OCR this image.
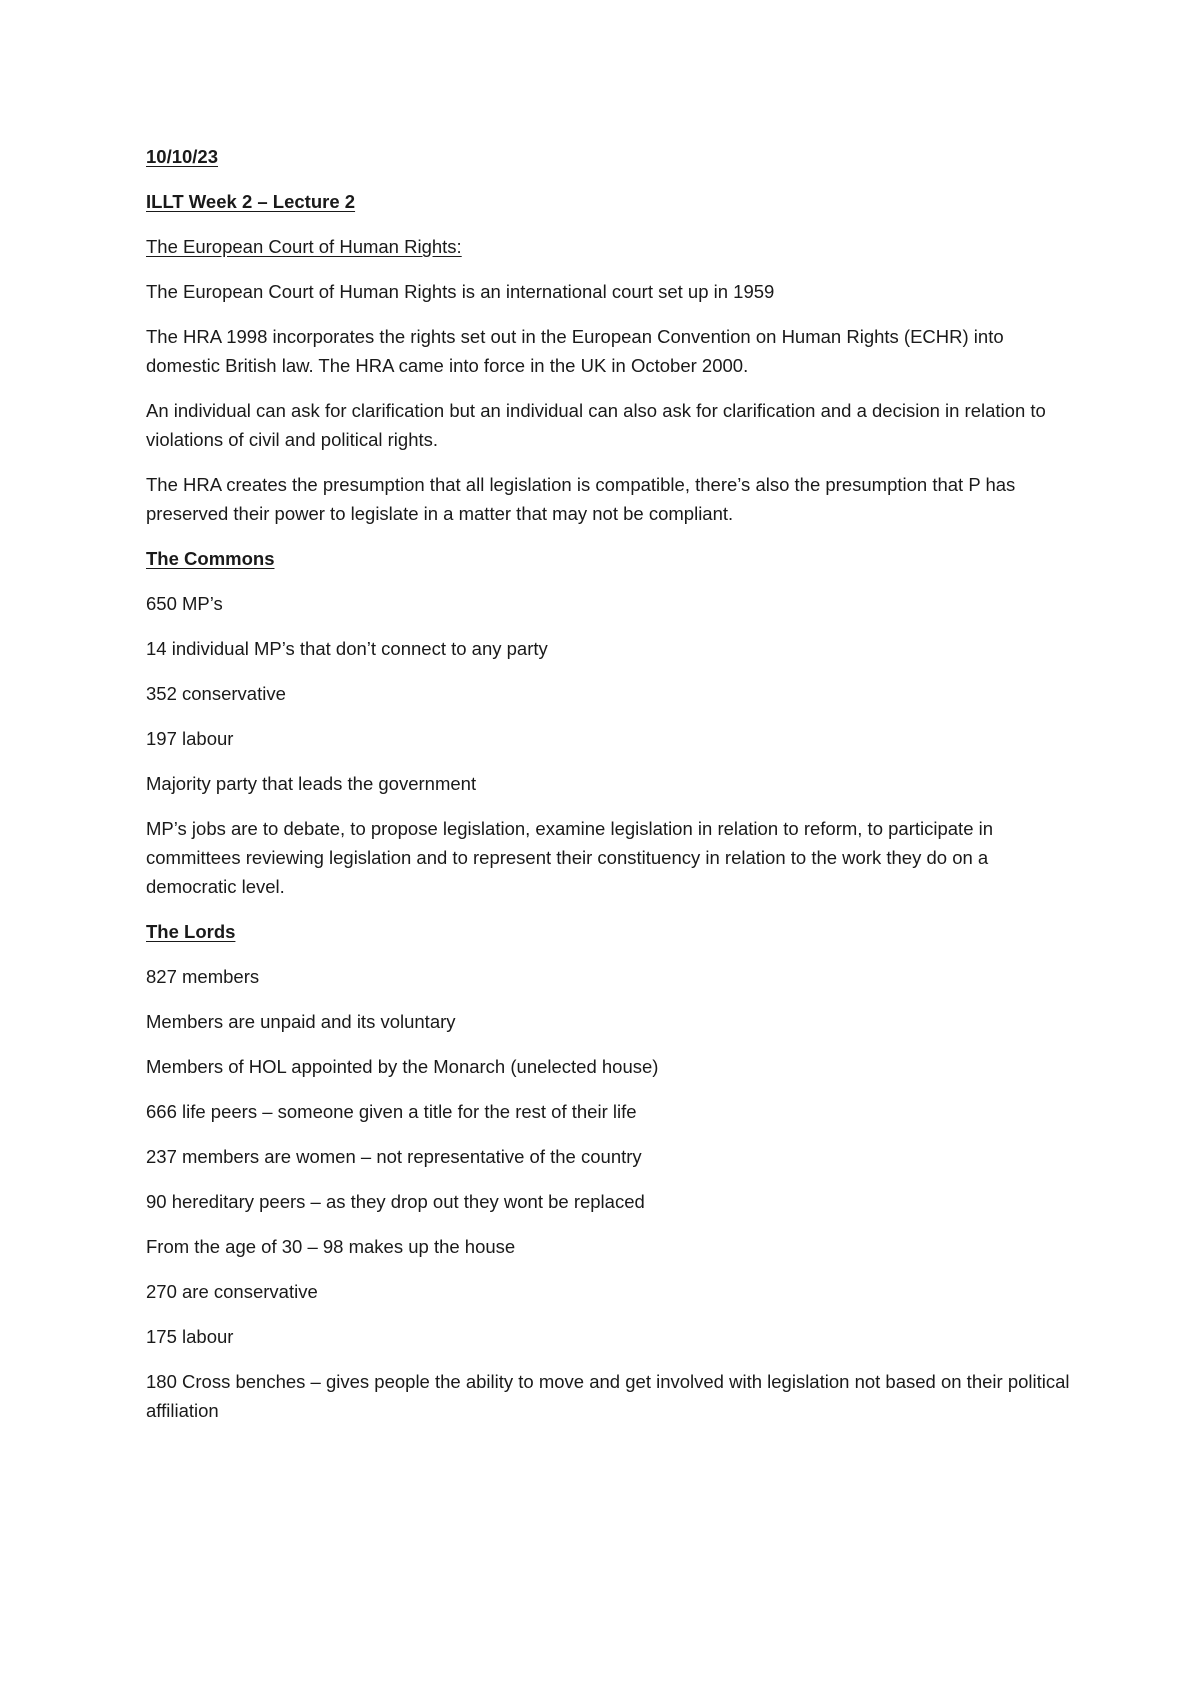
10/10/23

ILLT Week 2 – Lecture 2

The European Court of Human Rights:

The European Court of Human Rights is an international court set up in 1959

The HRA 1998 incorporates the rights set out in the European Convention on Human Rights (ECHR) into domestic British law. The HRA came into force in the UK in October 2000.

An individual can ask for clarification but an individual can also ask for clarification and a decision in relation to violations of civil and political rights.

The HRA creates the presumption that all legislation is compatible, there’s also the presumption that P has preserved their power to legislate in a matter that may not be compliant.

The Commons

650 MP’s

14 individual MP’s that don’t connect to any party

352 conservative

197 labour

Majority party that leads the government

MP’s jobs are to debate, to propose legislation, examine legislation in relation to reform, to participate in committees reviewing legislation and to represent their constituency in relation to the work they do on a democratic level.

The Lords

827 members

Members are unpaid and its voluntary

Members of HOL appointed by the Monarch (unelected house)

666 life peers – someone given a title for the rest of their life

237 members are women – not representative of the country

90 hereditary peers – as they drop out they wont be replaced

From the age of 30 – 98 makes up the house

270 are conservative

175 labour

180 Cross benches – gives people the ability to move and get involved with legislation not based on their political affiliation
